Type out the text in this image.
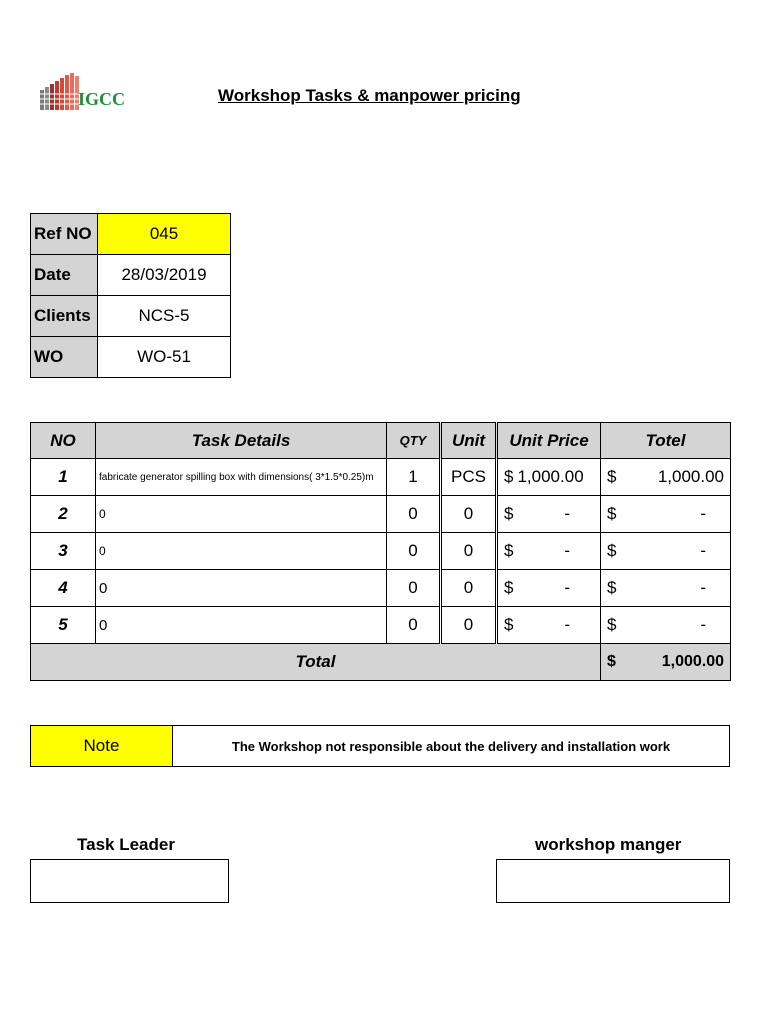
IGCC	Workshop Tasks & manpower pricing
Ref NO	045
Date	28/03/2019
Clients	NCS-5
WO	WO-51
NO	Task Details	QTY	Unit	Unit Price	Totel
1	fabricate generator spilling box with dimensions( 3*1.5*0.25)m	1	PCS	$ 1,000.00	$ 1,000.00

2	0	0	0	$ -	$ -

3	0	0	0	$ -	$ -

4	0	0	0	$ -	$ -

5	0	0	0	$ -	$ -

Total					$ 1,000.00
Note	The Workshop not responsible about the delivery and installation work
Task Leader	workshop manger
